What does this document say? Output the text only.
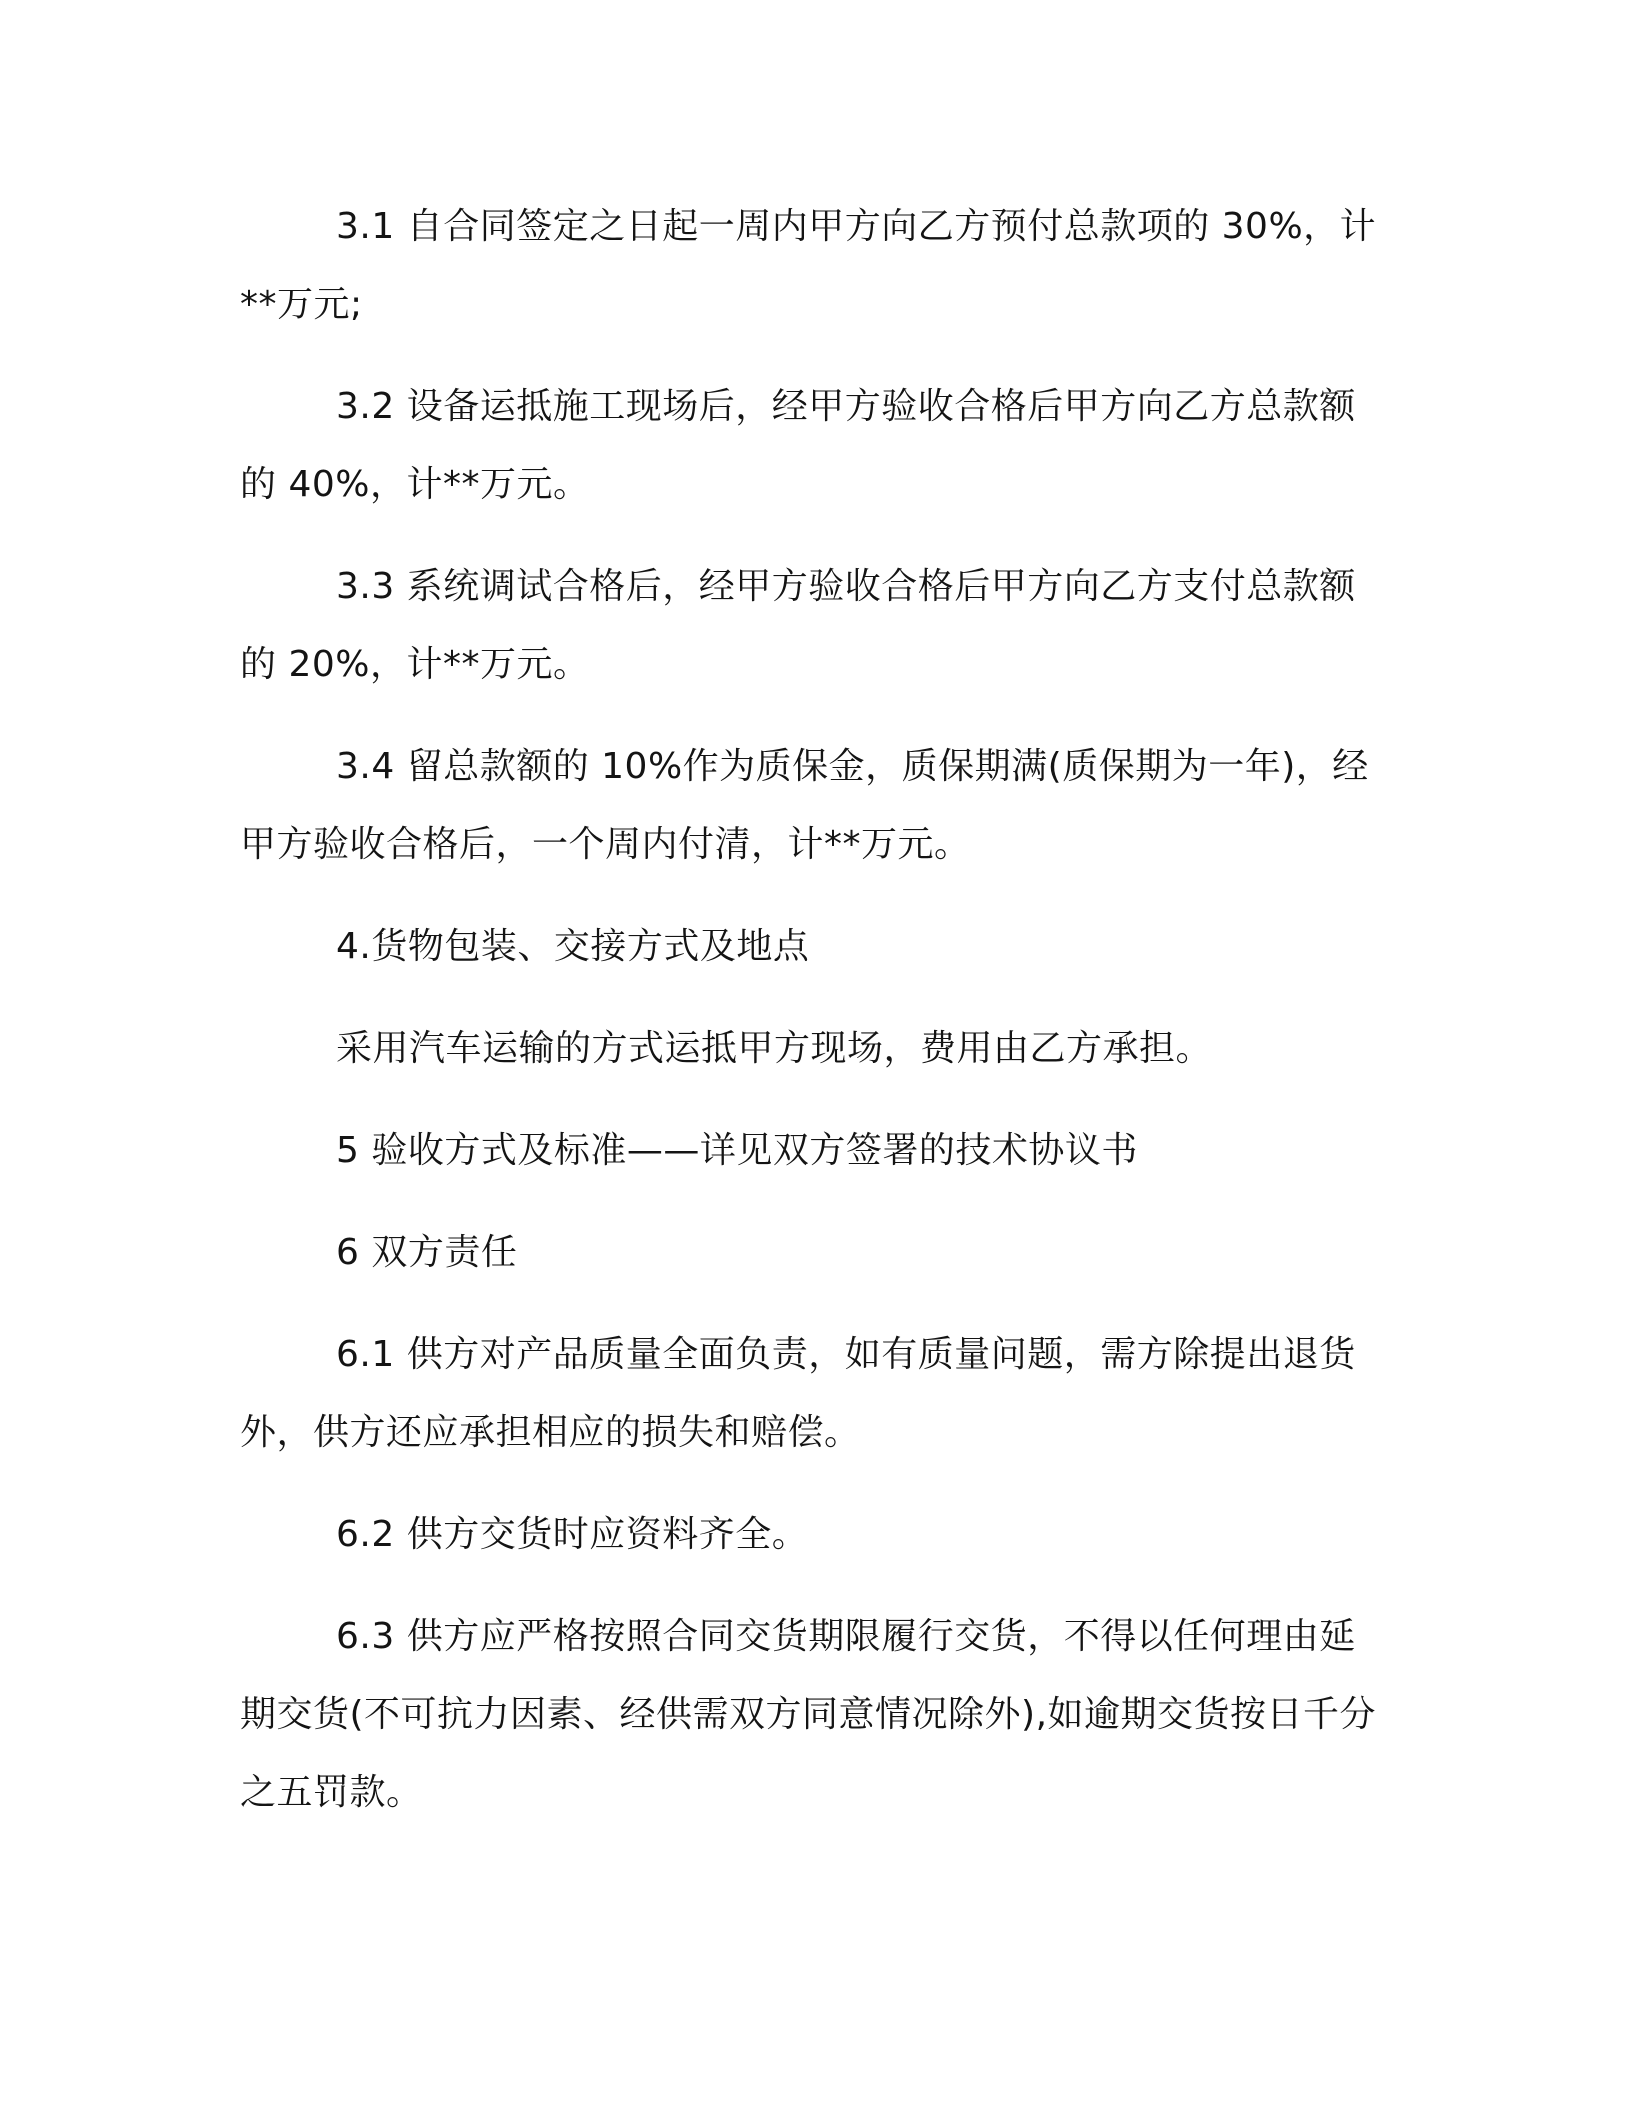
3.1 自合同签定之日起一周内甲方向乙方预付总款项的 30%，计**万元;

3.2 设备运抵施工现场后，经甲方验收合格后甲方向乙方总款额的 40%，计**万元。

3.3 系统调试合格后，经甲方验收合格后甲方向乙方支付总款额的 20%，计**万元。

3.4 留总款额的 10%作为质保金，质保期满(质保期为一年)，经甲方验收合格后，一个周内付清，计**万元。

4.货物包装、交接方式及地点

采用汽车运输的方式运抵甲方现场，费用由乙方承担。

5 验收方式及标准——详见双方签署的技术协议书

6 双方责任

6.1 供方对产品质量全面负责，如有质量问题，需方除提出退货外，供方还应承担相应的损失和赔偿。

6.2 供方交货时应资料齐全。

6.3 供方应严格按照合同交货期限履行交货，不得以任何理由延期交货(不可抗力因素、经供需双方同意情况除外),如逾期交货按日千分之五罚款。
